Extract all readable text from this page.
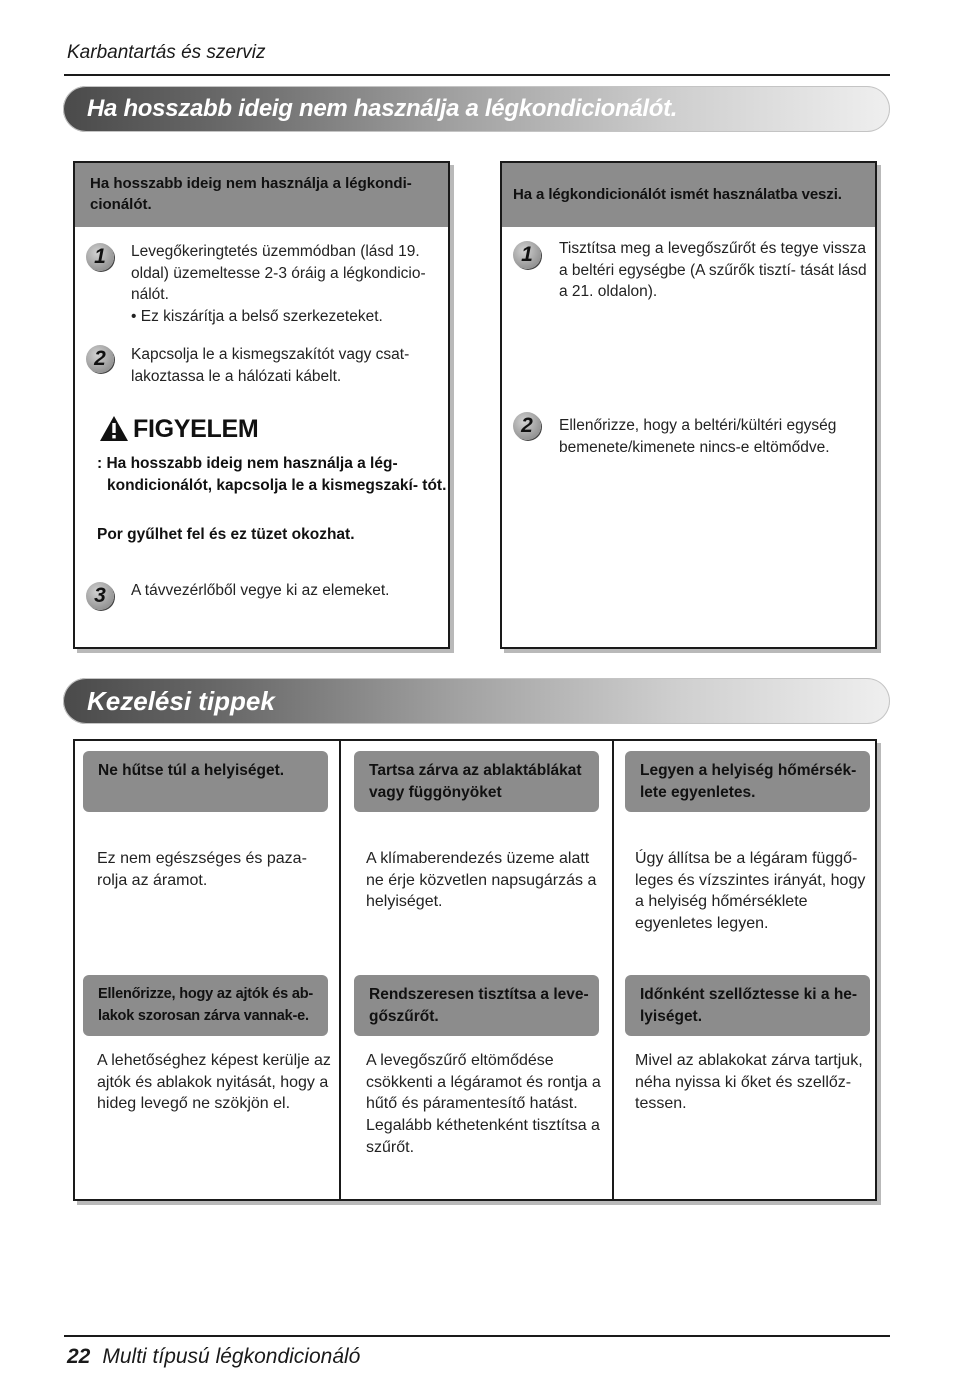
Karbantartás és szerviz
Ha hosszabb ideig nem használja a légkondicionálót.
Ha hosszabb ideig nem használja a légkondi- cionálót.
1	Levegőkeringtetés üzemmódban (lásd 19. oldal) üzemeltesse 2-3 óráig a légkondicio- nálót.
• Ez kiszárítja a belső szerkezeteket.
2	Kapcsolja le a kismegszakítót vagy csat- lakoztassa le a hálózati kábelt.
FIGYELEM
: Ha hosszabb ideig nem használja a lég- kondicionálót, kapcsolja le a kismegszakí- tót.
Por gyűlhet fel és ez tüzet okozhat.
3	A távvezérlőből vegye ki az elemeket.
Ha a légkondicionálót ismét használatba veszi.
1	Tisztítsa meg a levegőszűrőt és tegye vissza a beltéri egységbe (A szűrők tisztí- tását lásd a 21. oldalon).
2	Ellenőrizze, hogy a beltéri/kültéri egység bemenete/kimenete nincs-e eltömődve.
Kezelési tippek
Ne hűtse túl a helyiséget.
Ez nem egészséges és paza- rolja az áramot.
Tartsa zárva az ablaktáblákat vagy függönyöket
A klímaberendezés üzeme alatt ne érje közvetlen napsugárzás a helyiséget.
Legyen a helyiség hőmérsék- lete egyenletes.
Úgy állítsa be a légáram függő- leges és vízszintes irányát, hogy a helyiség hőmérséklete egyenletes legyen.
Ellenőrizze, hogy az ajtók és ab- lakok szorosan zárva vannak-e.
A lehetőséghez képest kerülje az ajtók és ablakok nyitását, hogy a hideg levegő ne szökjön el.
Rendszeresen tisztítsa a leve- gőszűrőt.
A levegőszűrő eltömődése csökkenti a légáramot és rontja a hűtő és páramentesítő hatást. Legalább kéthetenként tisztítsa a szűrőt.
Időnként szellőztesse ki a he- lyiséget.
Mivel az ablakokat zárva tartjuk, néha nyissa ki őket és szellőz- tessen.
22 Multi típusú légkondicionáló
